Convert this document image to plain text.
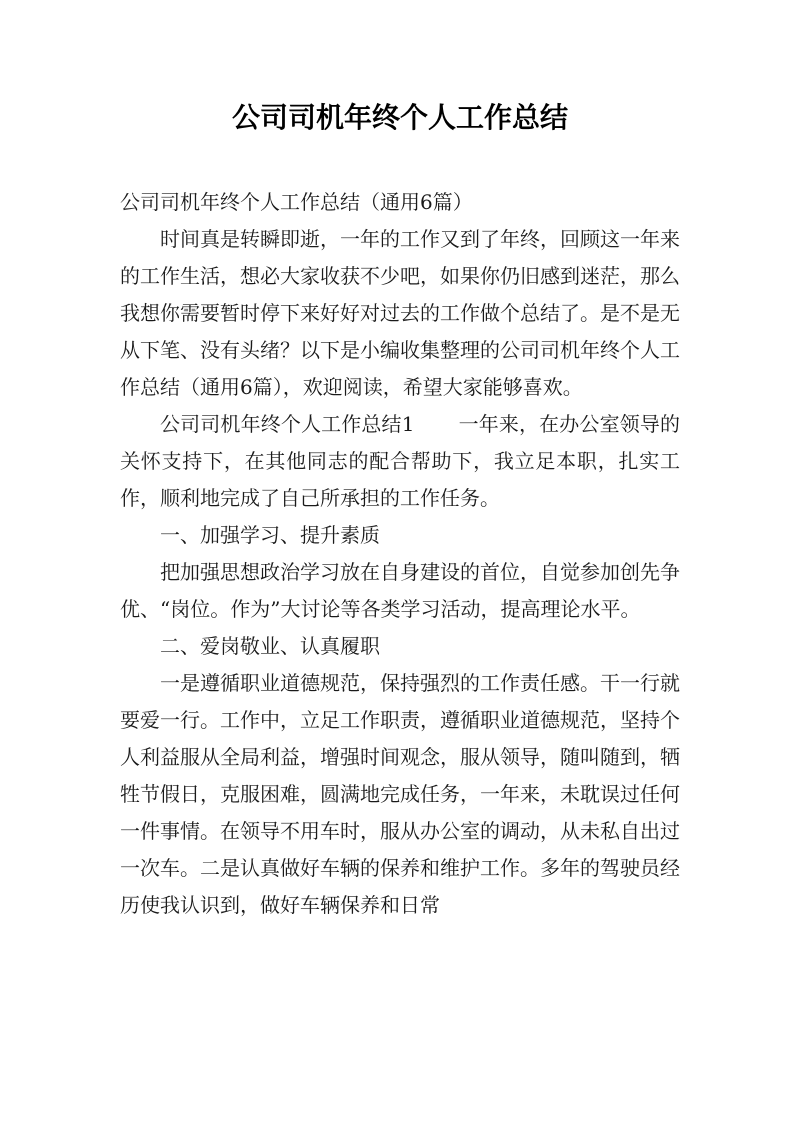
公司司机年终个人工作总结

公司司机年终个人工作总结（通用6篇）

时间真是转瞬即逝，一年的工作又到了年终，回顾这一年来的工作生活，想必大家收获不少吧，如果你仍旧感到迷茫，那么我想你需要暂时停下来好好对过去的工作做个总结了。是不是无从下笔、没有头绪？以下是小编收集整理的公司司机年终个人工作总结（通用6篇），欢迎阅读，希望大家能够喜欢。

公司司机年终个人工作总结1 一年来，在办公室领导的关怀支持下，在其他同志的配合帮助下，我立足本职，扎实工作，顺利地完成了自己所承担的工作任务。

一、加强学习、提升素质

把加强思想政治学习放在自身建设的首位，自觉参加创先争优、“岗位。作为”大讨论等各类学习活动，提高理论水平。

二、爱岗敬业、认真履职

一是遵循职业道德规范，保持强烈的工作责任感。干一行就要爱一行。工作中，立足工作职责，遵循职业道德规范，坚持个人利益服从全局利益，增强时间观念，服从领导，随叫随到，牺牲节假日，克服困难，圆满地完成任务，一年来，未耽误过任何一件事情。在领导不用车时，服从办公室的调动，从未私自出过一次车。二是认真做好车辆的保养和维护工作。多年的驾驶员经历使我认识到，做好车辆保养和日常
